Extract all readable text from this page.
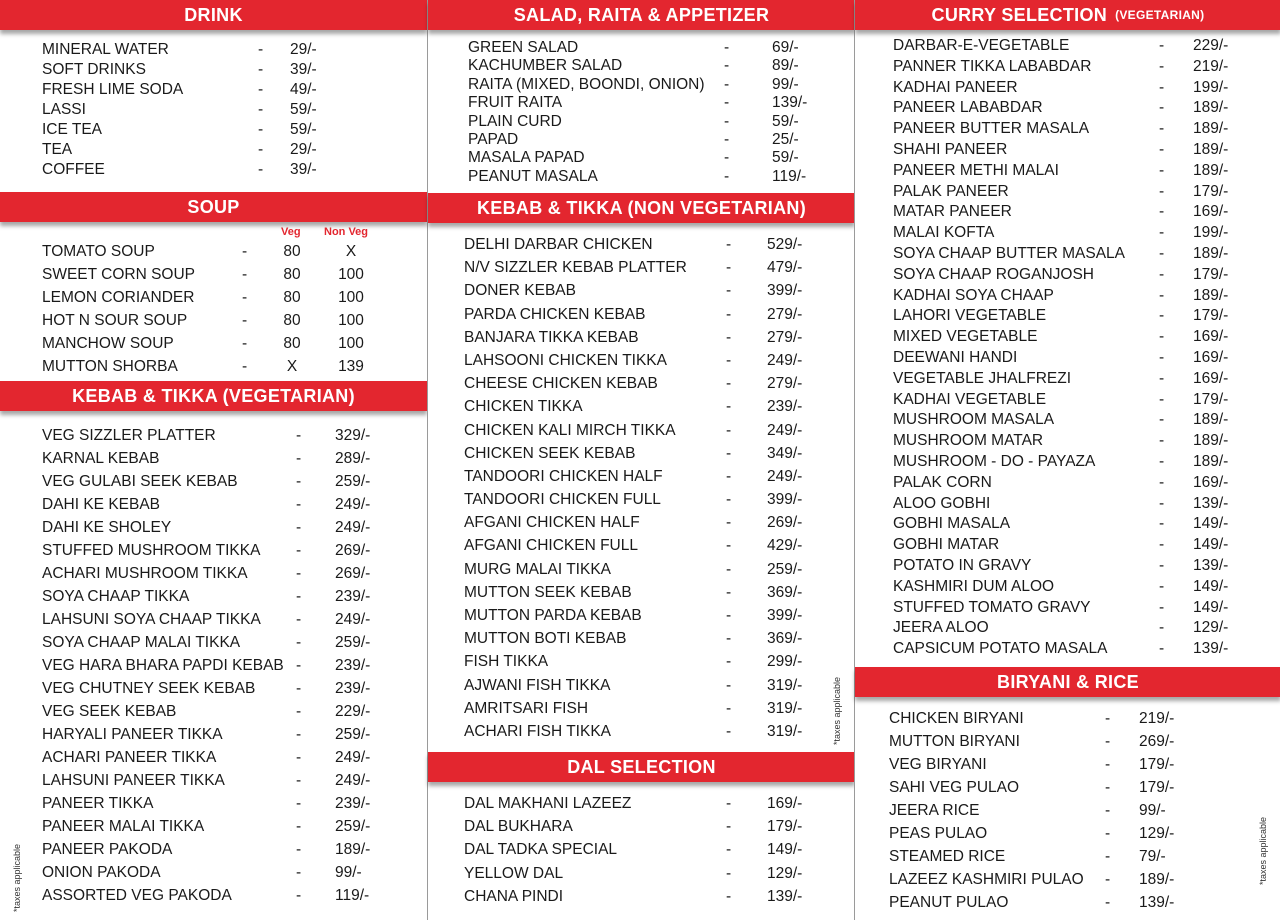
DRINK
MINERAL WATER	- 29/-
SOFT DRINKS	- 39/-
FRESH LIME SODA	- 49/-
LASSI	- 59/-
ICE TEA	- 59/-
TEA	- 29/-
COFFEE	- 39/-
SOUP
Veg Non Veg
TOMATO SOUP	-	80	X
SWEET CORN SOUP	-	80	100
LEMON CORIANDER	-	80	100
HOT N SOUR SOUP	-	80	100
MANCHOW SOUP	-	80	100
MUTTON SHORBA	-	X	139
KEBAB & TIKKA (VEGETARIAN)
VEG SIZZLER PLATTER	- 329/-
KARNAL KEBAB	- 289/-
VEG GULABI SEEK KEBAB	- 259/-
DAHI KE KEBAB	- 249/-
DAHI KE SHOLEY	- 249/-
STUFFED MUSHROOM TIKKA - 269/-
ACHARI MUSHROOM TIKKA	- 269/-
SOYA CHAAP TIKKA	- 239/-
LAHSUNI SOYA CHAAP TIKKA - 249/-
SOYA CHAAP MALAI TIKKA	- 259/-
VEG HARA BHARA PAPDI KEBAB - 239/-
VEG CHUTNEY SEEK KEBAB	- 239/-
VEG SEEK KEBAB	- 229/-
HARYALI PANEER TIKKA	- 259/-
ACHARI PANEER TIKKA	- 249/-
LAHSUNI PANEER TIKKA	- 249/-
PANEER TIKKA	- 239/-
PANEER MALAI TIKKA	- 259/-
PANEER PAKODA	- 189/-
ONION PAKODA	- 99/-
ASSORTED VEG PAKODA	- 119/-
*taxes applicable
SALAD, RAITA & APPETIZER
GREEN SALAD	-	69/-
KACHUMBER SALAD	-	89/-
RAITA (MIXED, BOONDI, ONION) -	99/-
FRUIT RAITA	-	139/-
PLAIN CURD	-	59/-
PAPAD	-	25/-
MASALA PAPAD	-	59/-
PEANUT MASALA	-	119/-
KEBAB & TIKKA (NON VEGETARIAN)
DELHI DARBAR CHICKEN	- 529/-
N/V SIZZLER KEBAB PLATTER	- 479/-
DONER KEBAB	- 399/-
PARDA CHICKEN KEBAB	- 279/-
BANJARA TIKKA KEBAB	- 279/-
LAHSOONI CHICKEN TIKKA	- 249/-
CHEESE CHICKEN KEBAB	- 279/-
CHICKEN TIKKA	- 239/-
CHICKEN KALI MIRCH TIKKA	- 249/-
CHICKEN SEEK KEBAB	- 349/-
TANDOORI CHICKEN HALF	- 249/-
TANDOORI CHICKEN FULL	- 399/-
AFGANI CHICKEN HALF	- 269/-
AFGANI CHICKEN FULL	- 429/-
MURG MALAI TIKKA	- 259/-
MUTTON SEEK KEBAB	- 369/-
MUTTON PARDA KEBAB	- 399/-
MUTTON BOTI KEBAB	- 369/-
FISH TIKKA	- 299/-
AJWANI FISH TIKKA	- 319/-
AMRITSARI FISH	- 319/-
ACHARI FISH TIKKA	- 319/-
DAL SELECTION
DAL MAKHANI LAZEEZ	- 169/-
DAL BUKHARA	- 179/-
DAL TADKA SPECIAL	- 149/-
YELLOW DAL	- 129/-
CHANA PINDI	- 139/-
*taxes applicable
CURRY SELECTION (VEGETARIAN)
DARBAR-E-VEGETABLE	- 229/-
PANNER TIKKA LABABDAR	- 219/-
KADHAI PANEER	- 199/-
PANEER LABABDAR	- 189/-
PANEER BUTTER MASALA	- 189/-
SHAHI PANEER	- 189/-
PANEER METHI MALAI	- 189/-
PALAK PANEER	- 179/-
MATAR PANEER	- 169/-
MALAI KOFTA	- 199/-
SOYA CHAAP BUTTER MASALA - 189/-
SOYA CHAAP ROGANJOSH	- 179/-
KADHAI SOYA CHAAP	- 189/-
LAHORI VEGETABLE	- 179/-
MIXED VEGETABLE	- 169/-
DEEWANI HANDI	- 169/-
VEGETABLE JHALFREZI	- 169/-
KADHAI VEGETABLE	- 179/-
MUSHROOM MASALA	- 189/-
MUSHROOM MATAR	- 189/-
MUSHROOM - DO - PAYAZA	- 189/-
PALAK CORN	- 169/-
ALOO GOBHI	- 139/-
GOBHI MASALA	- 149/-
GOBHI MATAR	- 149/-
POTATO IN GRAVY	- 139/-
KASHMIRI DUM ALOO	- 149/-
STUFFED TOMATO GRAVY	- 149/-
JEERA ALOO	- 129/-
CAPSICUM POTATO MASALA	- 139/-
BIRYANI & RICE
CHICKEN BIRYANI	- 219/-
MUTTON BIRYANI	- 269/-
VEG BIRYANI	- 179/-
SAHI VEG PULAO	- 179/-
JEERA RICE	- 99/-
PEAS PULAO	- 129/-
STEAMED RICE	- 79/-
LAZEEZ KASHMIRI PULAO - 189/-
PEANUT PULAO	- 139/-
*taxes applicable
